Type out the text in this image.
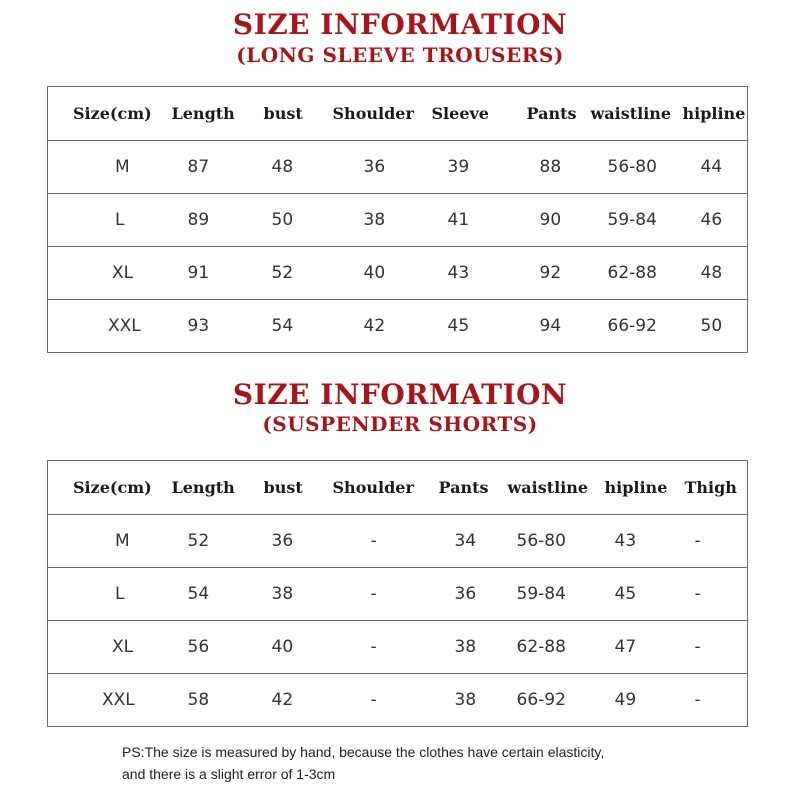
SIZE INFORMATION
(LONG SLEEVE TROUSERS)
Size(cm)	Length	bust	Shoulder	Sleeve	Pants	waistline	hipline
M	87	48	36	39	88	56-80	44
L	89	50	38	41	90	59-84	46
XL	91	52	40	43	92	62-88	48
XXL	93	54	42	45	94	66-92	50
SIZE INFORMATION
(SUSPENDER SHORTS)
Size(cm)	Length	bust	Shoulder	Pants	waistline	hipline	Thigh
M	52	36	-	34	56-80	43	-
L	54	38	-	36	59-84	45	-
XL	56	40	-	38	62-88	47	-
XXL	58	42	-	38	66-92	49	-
PS:The size is measured by hand, because the clothes have certain elasticity,
and there is a slight error of 1-3cm
